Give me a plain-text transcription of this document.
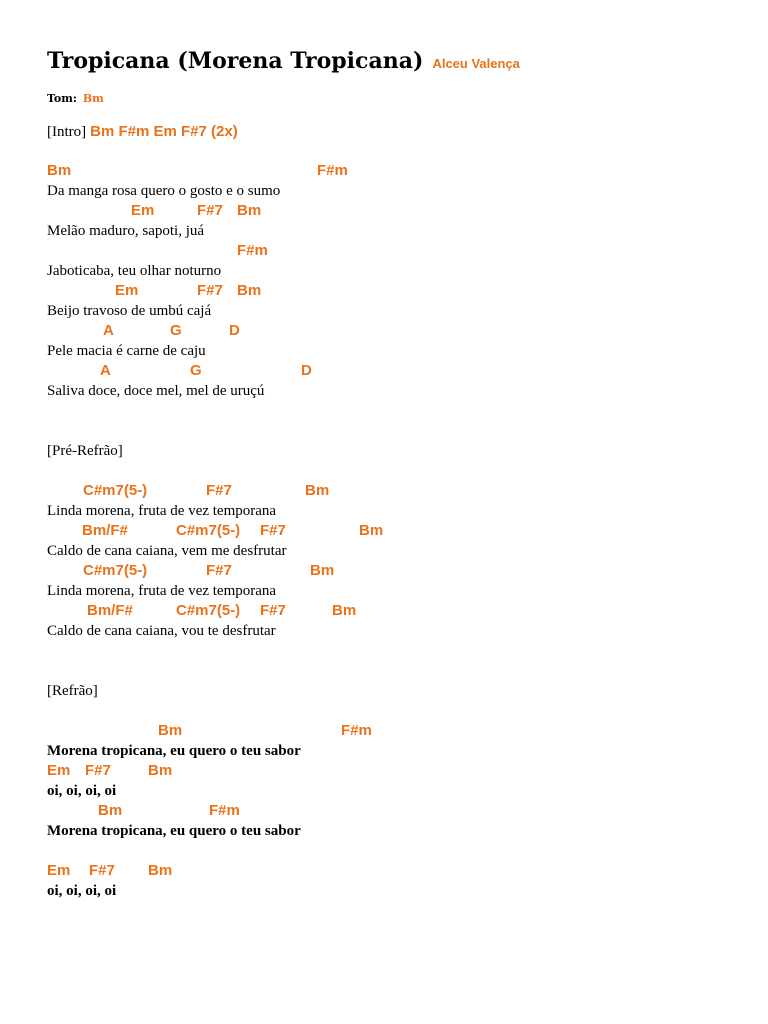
Tropicana (Morena Tropicana) Alceu Valença
Tom: Bm
[Intro] Bm F#m Em F#7 (2x)
Bm	F#m
Da manga rosa quero o gosto e o sumo
Em	F#7 Bm
Melão maduro, sapoti, juá
F#m
Jaboticaba, teu olhar noturno
Em	F#7 Bm
Beijo travoso de umbú cajá
A	G	D
Pele macia é carne de caju
A	G	D
Saliva doce, doce mel, mel de uruçú
[Pré-Refrão]
C#m7(5-)	F#7	Bm
Linda morena, fruta de vez temporana
Bm/F#	C#m7(5-) F#7	Bm
Caldo de cana caiana, vem me desfrutar
C#m7(5-)	F#7	Bm
Linda morena, fruta de vez temporana
Bm/F#	C#m7(5-) F#7	Bm
Caldo de cana caiana, vou te desfrutar
[Refrão]
Bm	F#m
Morena tropicana, eu quero o teu sabor
Em F#7 Bm
oi, oi, oi, oi
Bm	F#m
Morena tropicana, eu quero o teu sabor
Em F#7 Bm
oi, oi, oi, oi
